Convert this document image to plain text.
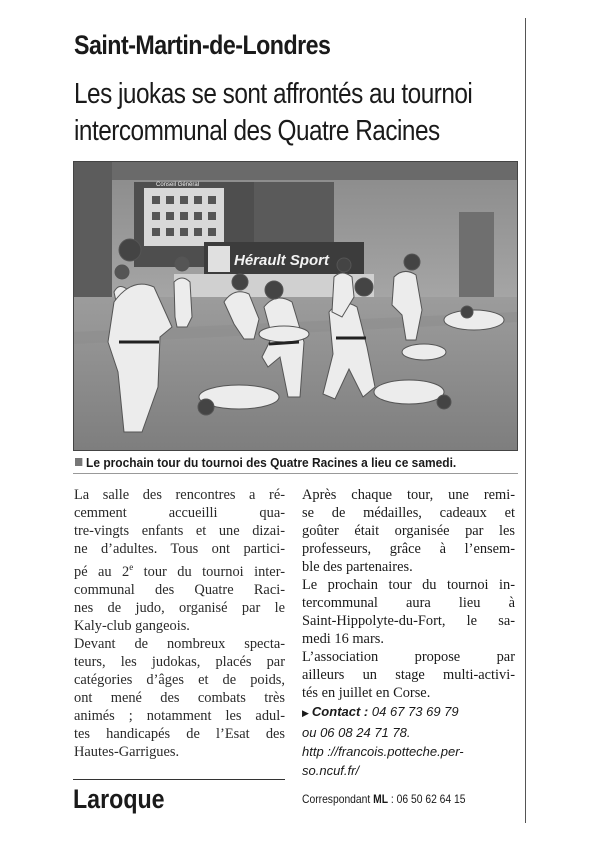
Saint-Martin-de-Londres
Les juokas se sont affrontés au tournoi
intercommunal des Quatre Racines
Conseil Général
Hérault Sport

Le prochain tour du tournoi des Quatre Racines a lieu ce samedi.

La salle des rencontres a ré-
cemment accueilli qua-
tre-vingts enfants et une dizai-
ne d’adultes. Tous ont partici-
pé au 2e tour du tournoi inter-
communal des Quatre Raci-
nes de judo, organisé par le
Kaly-club gangeois.

Devant de nombreux specta-
teurs, les judokas, placés par
catégories d’âges et de poids,
ont mené des combats très
animés ; notamment les adul-
tes handicapés de l’Esat des
Hautes-Garrigues.

Après chaque tour, une remi-
se de médailles, cadeaux et
goûter était organisée par les
professeurs, grâce à l’ensem-
ble des partenaires.

Le prochain tour du tournoi in-
tercommunal aura lieu à
Saint-Hippolyte-du-Fort, le sa-
medi 16 mars.

L’association propose par
ailleurs un stage multi-activi-
tés en juillet en Corse.

▶ Contact : 04 67 73 69 79
ou 06 08 24 71 78.
http ://francois.potteche.per-
so.ncuf.fr/

Correspondant ML : 06 50 62 64 15
Laroque
